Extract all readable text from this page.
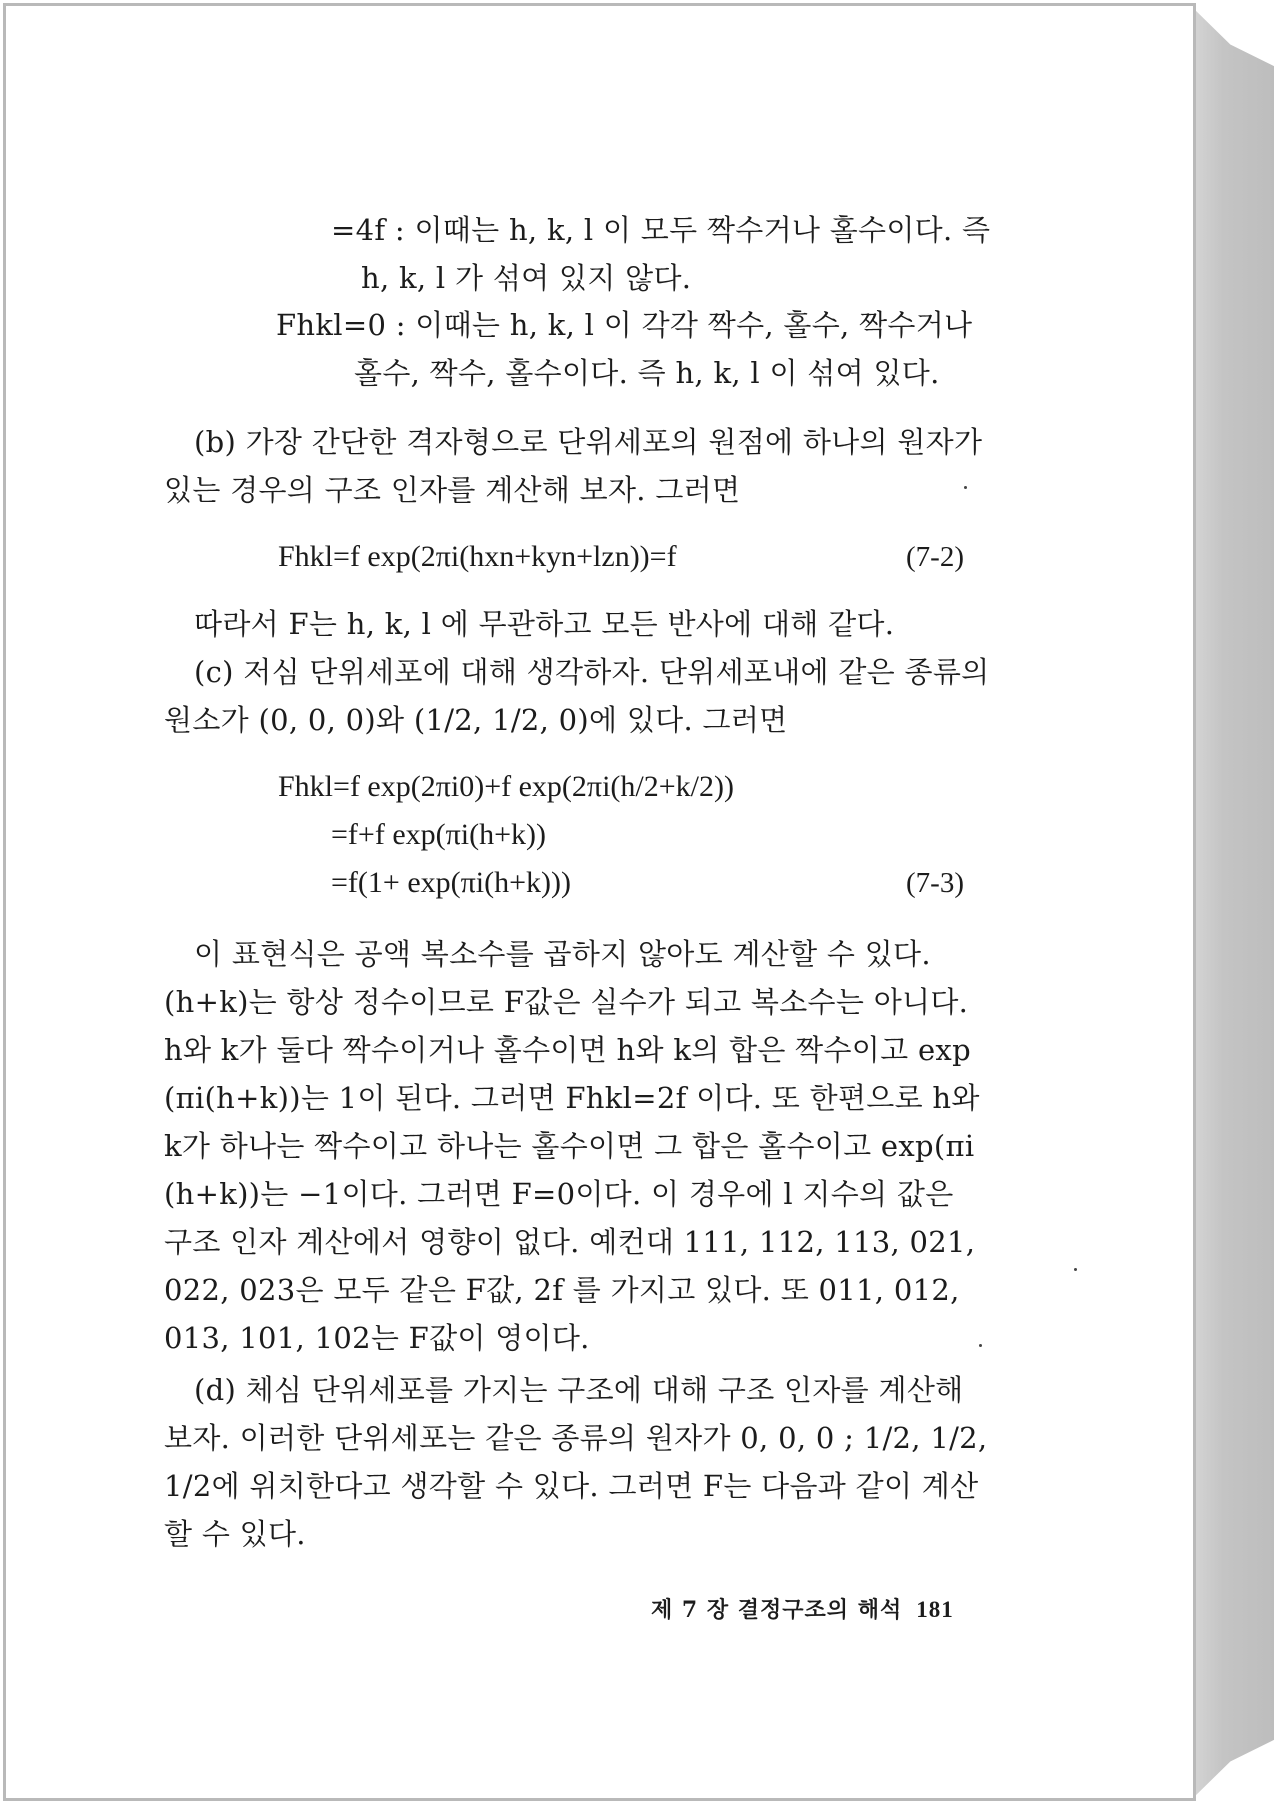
=4f : 이때는 h, k, l 이 모두 짝수거나 홀수이다. 즉
h, k, l 가 섞여 있지 않다.
Fhkl=0 : 이때는 h, k, l 이 각각 짝수, 홀수, 짝수거나
홀수, 짝수, 홀수이다. 즉 h, k, l 이 섞여 있다.
(b) 가장 간단한 격자형으로 단위세포의 원점에 하나의 원자가
있는 경우의 구조 인자를 계산해 보자. 그러면
Fhkl=f exp(2πi(hxn+kyn+lzn))=f	(7-2)
따라서 F는 h, k, l 에 무관하고 모든 반사에 대해 같다.
(c) 저심 단위세포에 대해 생각하자. 단위세포내에 같은 종류의
원소가 (0, 0, 0)와 (1/2, 1/2, 0)에 있다. 그러면
Fhkl=f exp(2πi0)+f exp(2πi(h/2+k/2))
=f+f exp(πi(h+k))
=f(1+ exp(πi(h+k)))	(7-3)
이 표현식은 공액 복소수를 곱하지 않아도 계산할 수 있다.
(h+k)는 항상 정수이므로 F값은 실수가 되고 복소수는 아니다.
h와 k가 둘다 짝수이거나 홀수이면 h와 k의 합은 짝수이고 exp
(πi(h+k))는 1이 된다. 그러면 Fhkl=2f 이다. 또 한편으로 h와
k가 하나는 짝수이고 하나는 홀수이면 그 합은 홀수이고 exp(πi
(h+k))는 −1이다. 그러면 F=0이다. 이 경우에 l 지수의 값은
구조 인자 계산에서 영향이 없다. 예컨대 111, 112, 113, 021,
022, 023은 모두 같은 F값, 2f 를 가지고 있다. 또 011, 012,
013, 101, 102는 F값이 영이다.
(d) 체심 단위세포를 가지는 구조에 대해 구조 인자를 계산해
보자. 이러한 단위세포는 같은 종류의 원자가 0, 0, 0 ; 1/2, 1/2,
1/2에 위치한다고 생각할 수 있다. 그러면 F는 다음과 같이 계산
할 수 있다.
제 7 장 결정구조의 해석 181
